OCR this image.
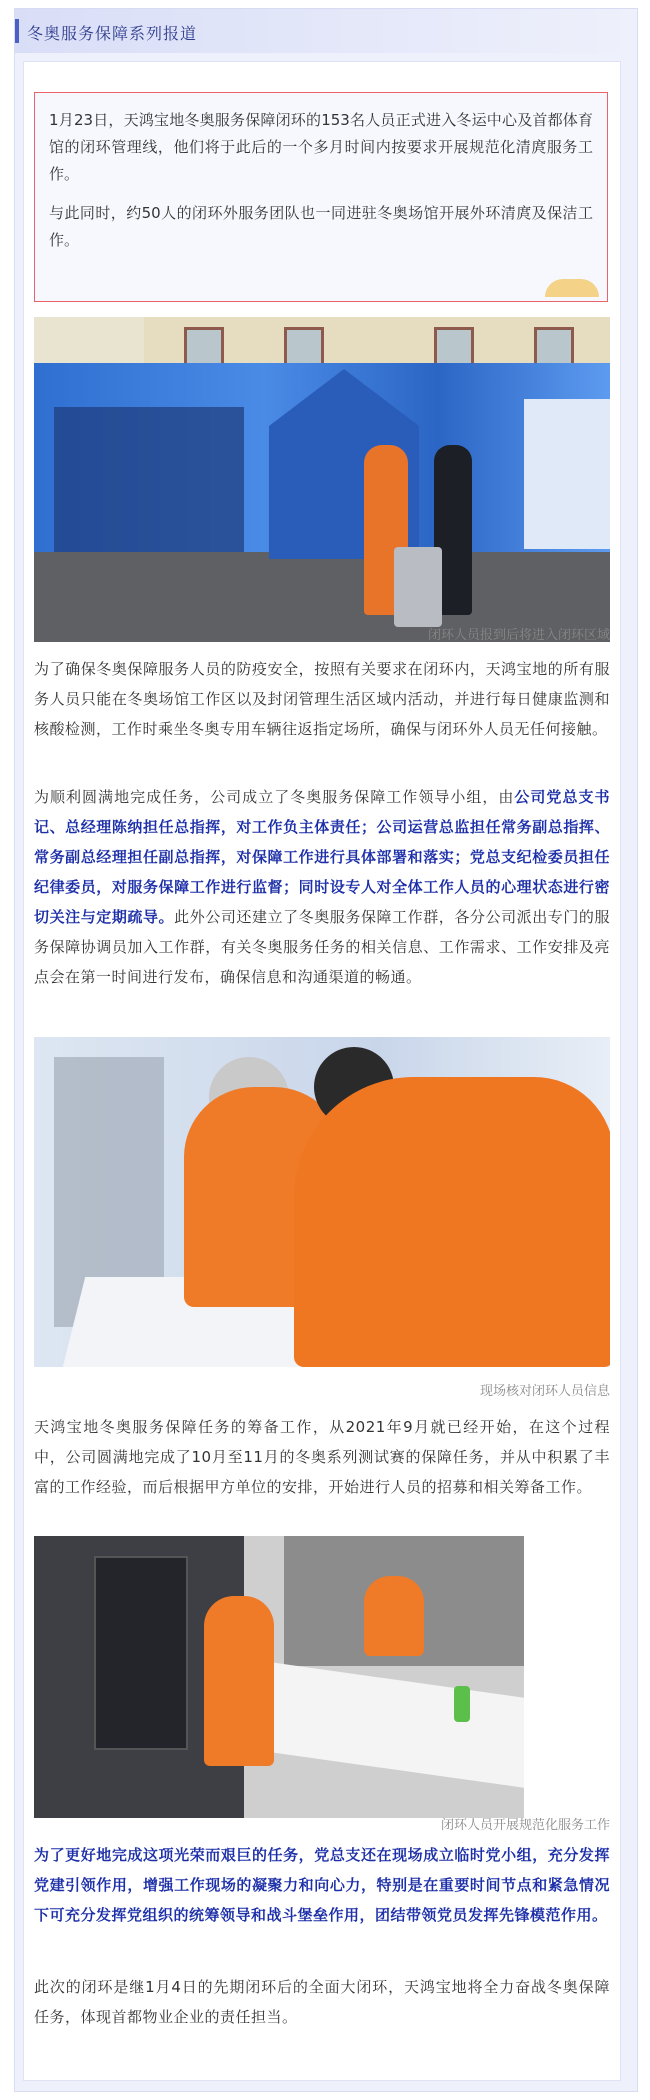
冬奥服务保障系列报道

1月23日，天鸿宝地冬奥服务保障闭环的153名人员正式进入冬运中心及首都体育馆的闭环管理线，他们将于此后的一个多月时间内按要求开展规范化清庹服务工作。

与此同时，约50人的闭环外服务团队也一同进驻冬奥场馆开展外环清庹及保洁工作。

闭环人员报到后将进入闭环区域

为了确保冬奥保障服务人员的防疫安全，按照有关要求在闭环内，天鸿宝地的所有服务人员只能在冬奥场馆工作区以及封闭管理生活区域内活动，并进行每日健康监测和核酸检测，工作时乘坐冬奥专用车辆往返指定场所，确保与闭环外人员无任何接触。

为顺利圆满地完成任务，公司成立了冬奥服务保障工作领导小组，由公司党总支书记、总经理陈纳担任总指挥，对工作负主体责任；公司运营总监担任常务副总指挥、常务副总经理担任副总指挥，对保障工作进行具体部署和落实；党总支纪检委员担任纪律委员，对服务保障工作进行监督；同时设专人对全体工作人员的心理状态进行密切关注与定期疏导。此外公司还建立了冬奥服务保障工作群，各分公司派出专门的服务保障协调员加入工作群，有关冬奥服务任务的相关信息、工作需求、工作安排及亮点会在第一时间进行发布，确保信息和沟通渠道的畅通。

现场核对闭环人员信息

天鸿宝地冬奥服务保障任务的筹备工作，从2021年9月就已经开始，在这个过程中，公司圆满地完成了10月至11月的冬奥系列测试赛的保障任务，并从中积累了丰富的工作经验，而后根据甲方单位的安排，开始进行人员的招募和相关筹备工作。

闭环人员开展规范化服务工作

为了更好地完成这项光荣而艰巨的任务，党总支还在现场成立临时党小组，充分发挥党建引领作用，增强工作现场的凝聚力和向心力，特别是在重要时间节点和紧急情况下可充分发挥党组织的统筹领导和战斗堡垒作用，团结带领党员发挥先锋模范作用。

此次的闭环是继1月4日的先期闭环后的全面大闭环，天鸿宝地将全力奋战冬奥保障任务，体现首都物业企业的责任担当。
